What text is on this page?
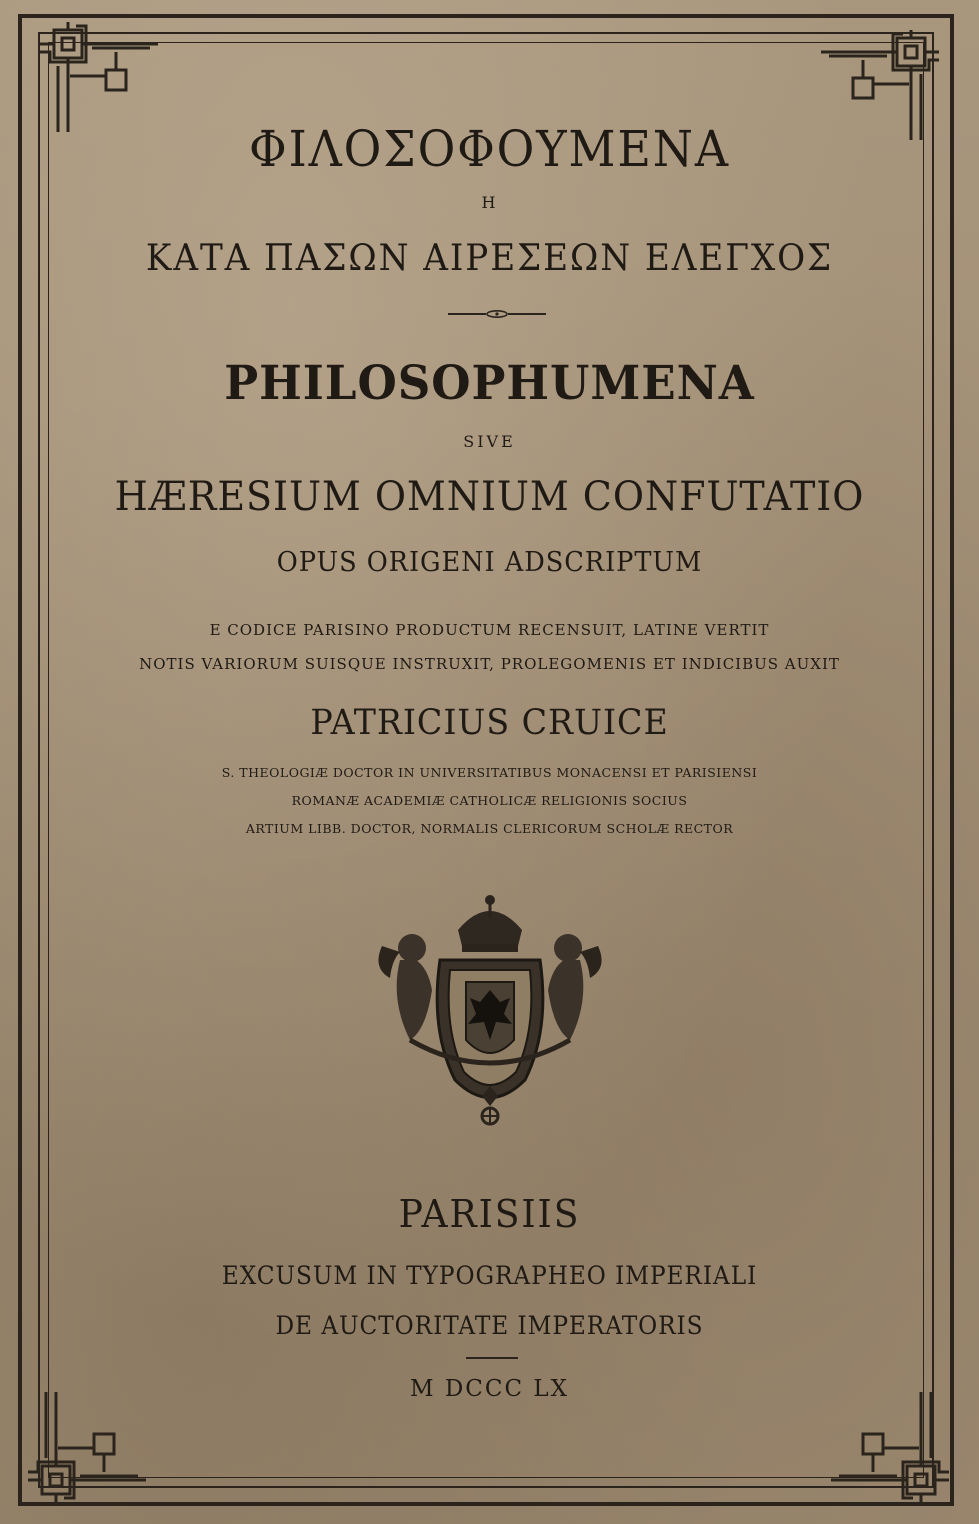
ΦΙΛΟΣΟΦΟΥΜΕΝΑ
Η
ΚΑΤΑ ΠΑΣΩΝ ΑΙΡΕΣΕΩΝ ΕΛΕΓΧΟΣ
PHILOSOPHUMENA
SIVE
HÆRESIUM OMNIUM CONFUTATIO
OPUS ORIGENI ADSCRIPTUM
E CODICE PARISINO PRODUCTUM RECENSUIT, LATINE VERTIT
NOTIS VARIORUM SUISQUE INSTRUXIT, PROLEGOMENIS ET INDICIBUS AUXIT
PATRICIUS CRUICE
S. THEOLOGIÆ DOCTOR IN UNIVERSITATIBUS MONACENSI ET PARISIENSI
ROMANÆ ACADEMIÆ CATHOLICÆ RELIGIONIS SOCIUS
ARTIUM LIBB. DOCTOR, NORMALIS CLERICORUM SCHOLÆ RECTOR
PARISIIS
EXCUSUM IN TYPOGRAPHEO IMPERIALI
DE AUCTORITATE IMPERATORIS
M DCCC LX
